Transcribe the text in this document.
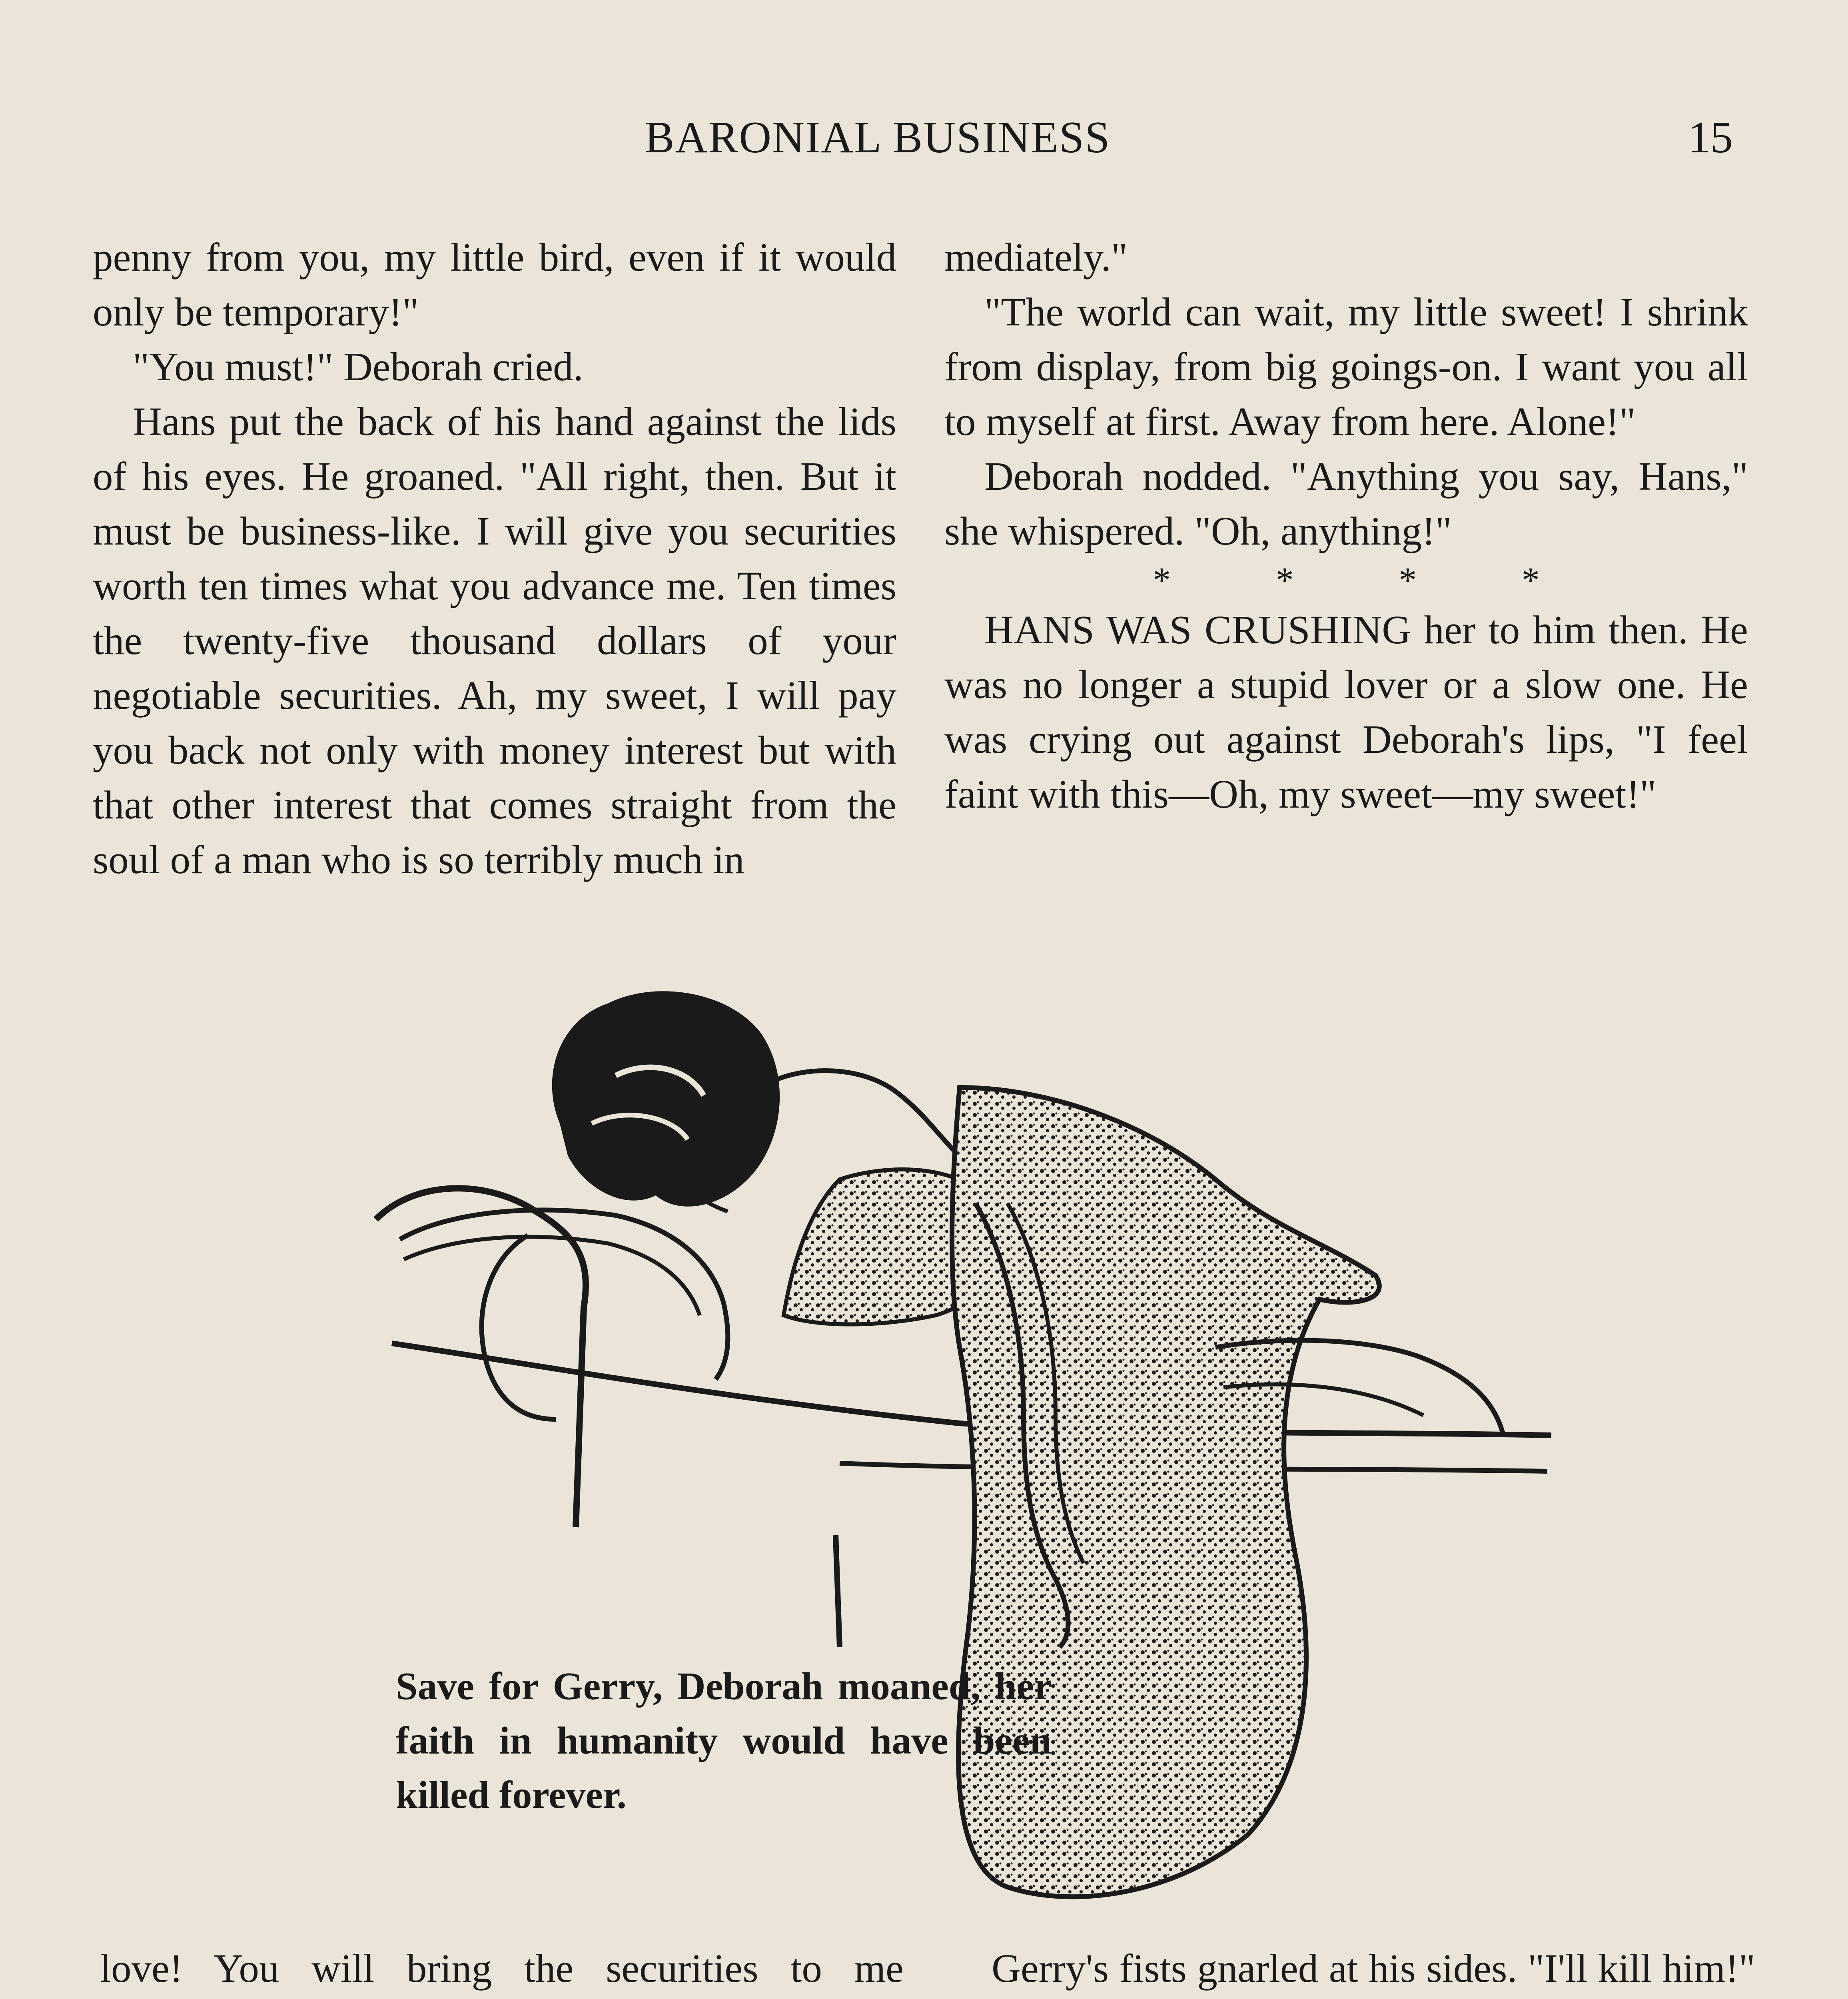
BARONIAL BUSINESS	15

penny from you, my little bird, even if it would only be temporary!"

"You must!" Deborah cried.

Hans put the back of his hand against the lids of his eyes. He groaned. "All right, then. But it must be business-like. I will give you securities worth ten times what you advance me. Ten times the twenty-five thousand dollars of your negotiable securities. Ah, my sweet, I will pay you back not only with money interest but with that other interest that comes straight from the soul of a man who is so terribly much in

mediately."

"The world can wait, my little sweet! I shrink from display, from big goings-on. I want you all to myself at first. Away from here. Alone!"

Deborah nodded. "Anything you say, Hans," she whispered. "Oh, anything!"

* * * *

HANS WAS CRUSHING her to him then. He was no longer a stupid lover or a slow one. He was crying out against Deborah's lips, "I feel faint with this—Oh, my sweet—my sweet!"

Save for Gerry, Deborah moaned, her faith in humanity would have been killed forever.

love! You will bring the securities to me	Gerry's fists gnarled at his sides. "I'll kill him!"
